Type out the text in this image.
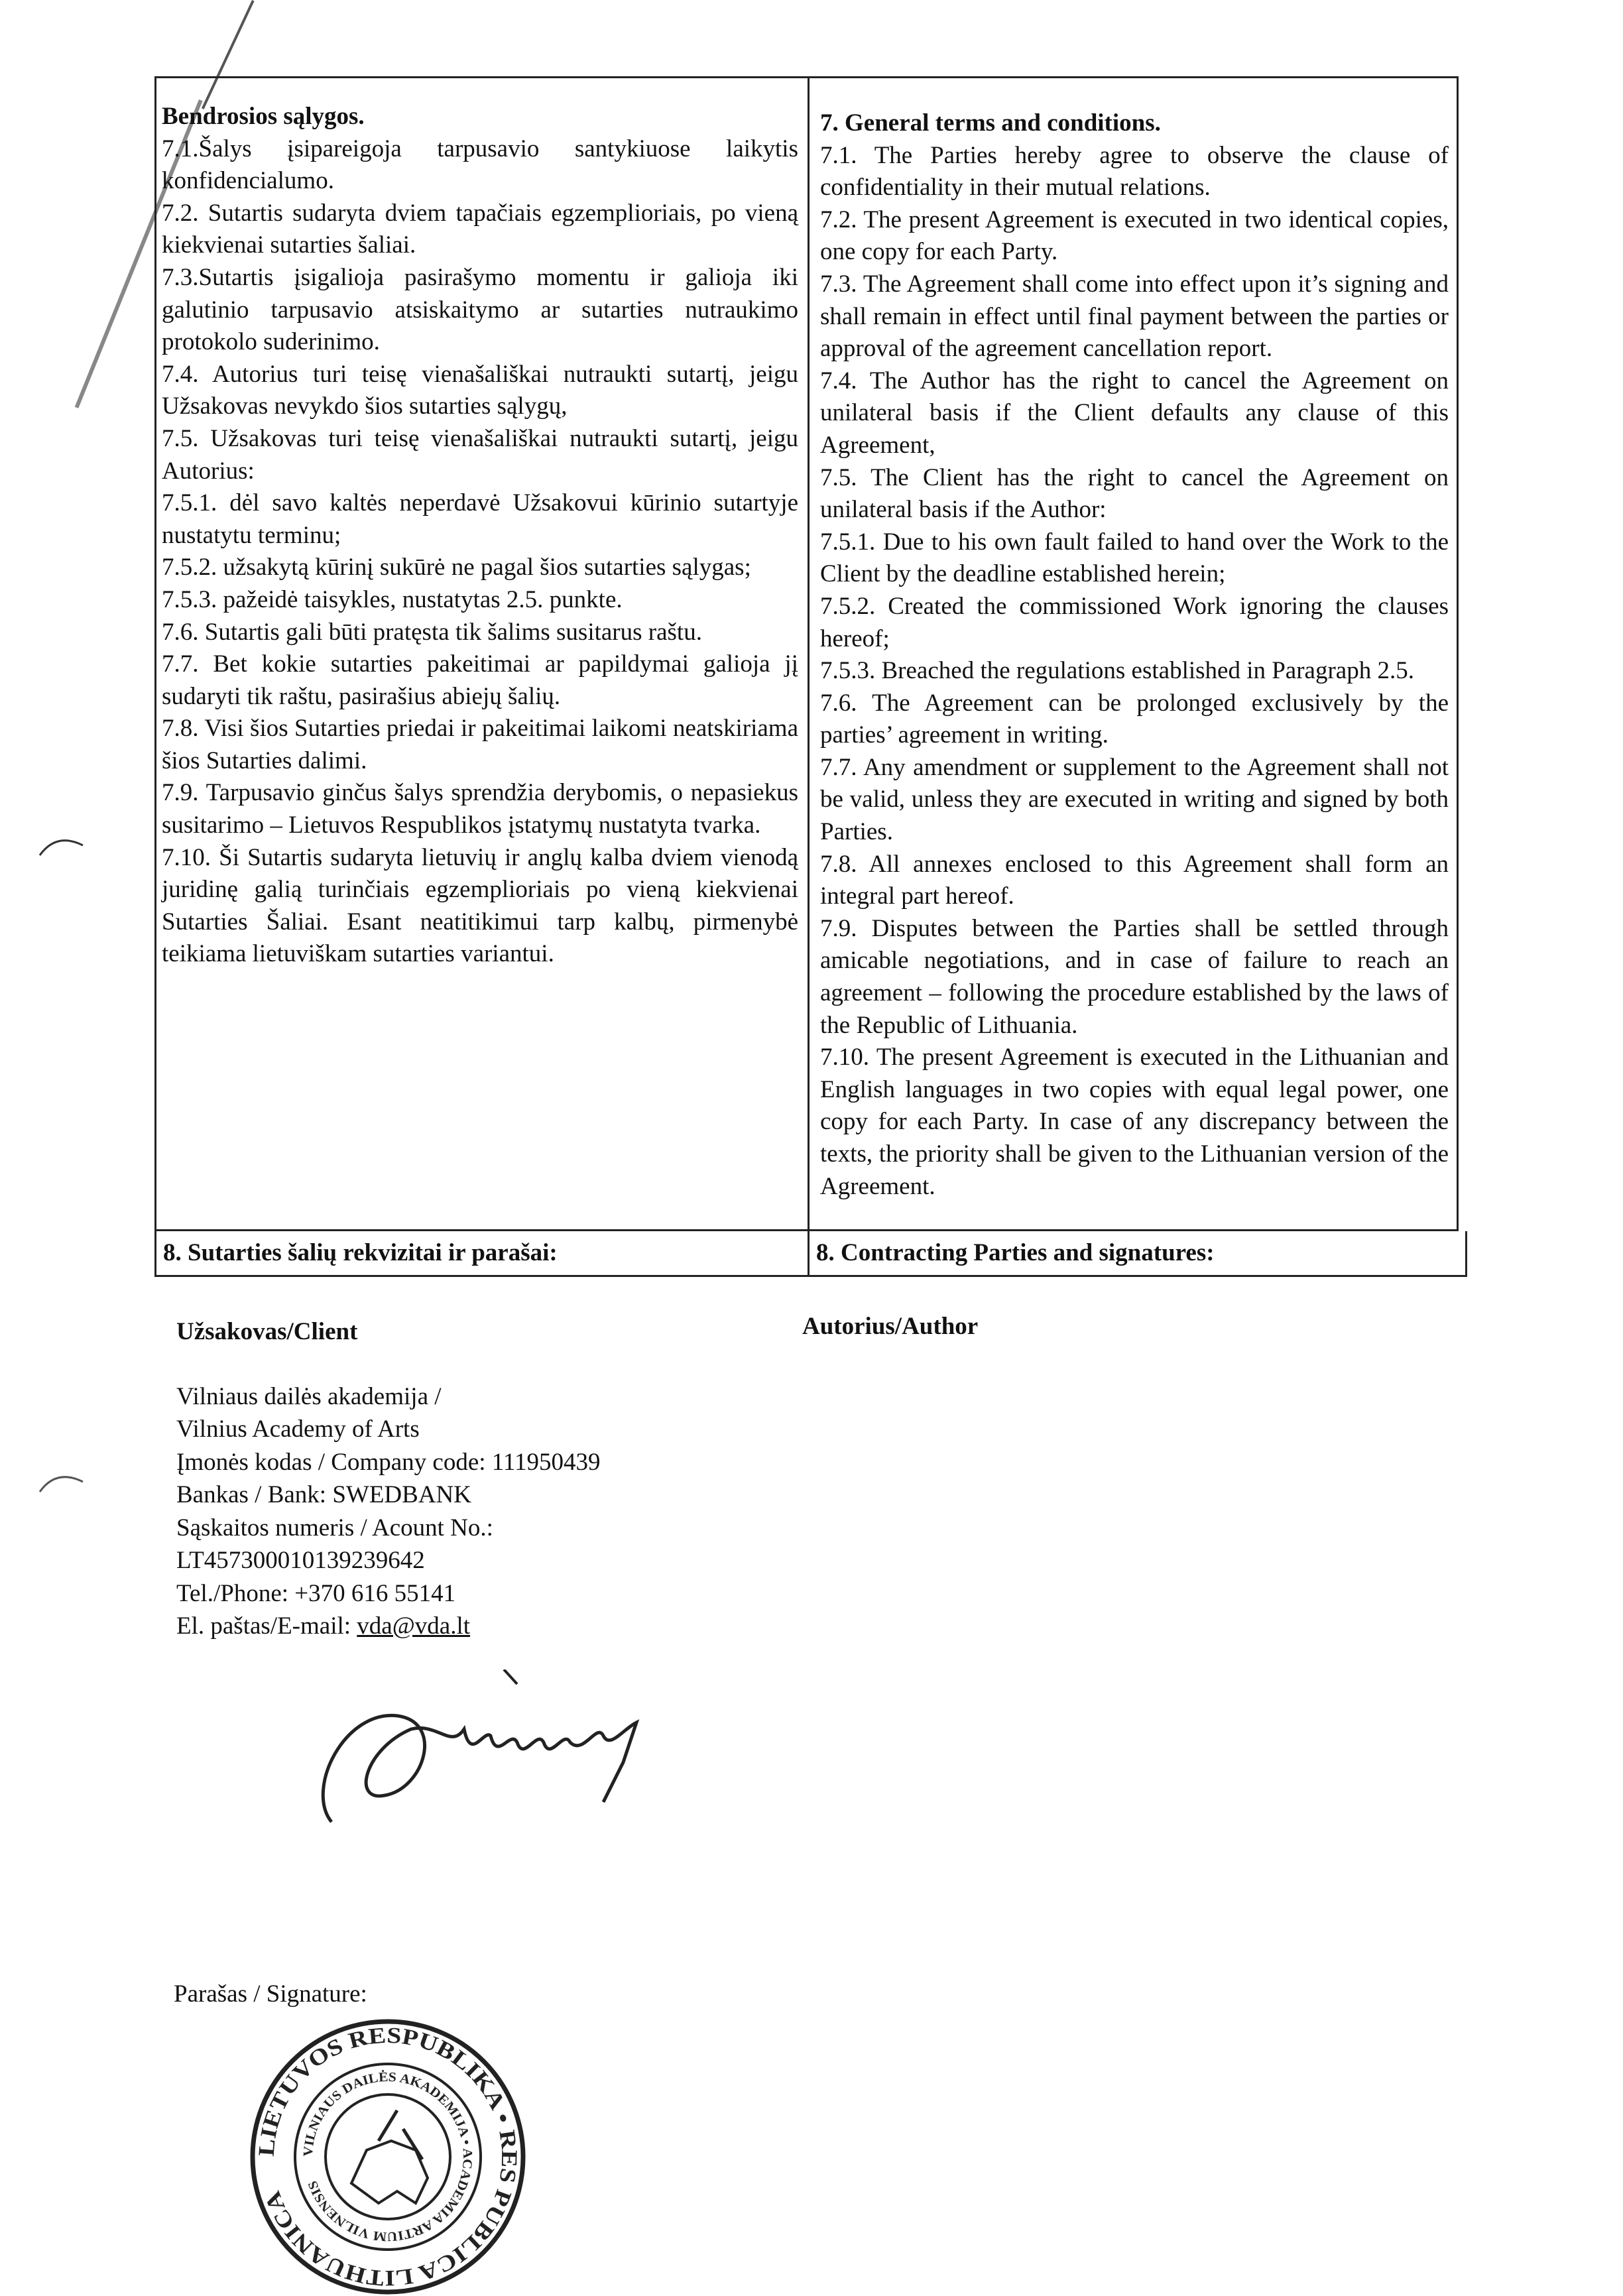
Bendrosios sąlygos.

7.1.Šalys įsipareigoja tarpusavio santykiuose laikytis konfidencialumo.

7.2. Sutartis sudaryta dviem tapačiais egzemplioriais, po vieną kiekvienai sutarties šaliai.

7.3.Sutartis įsigalioja pasirašymo momentu ir galioja iki galutinio tarpusavio atsiskaitymo ar sutarties nutraukimo protokolo suderinimo.

7.4. Autorius turi teisę vienašališkai nutraukti sutartį, jeigu Užsakovas nevykdo šios sutarties sąlygų,

7.5. Užsakovas turi teisę vienašališkai nutraukti sutartį, jeigu Autorius:

7.5.1. dėl savo kaltės neperdavė Užsakovui kūrinio sutartyje nustatytu terminu;

7.5.2. užsakytą kūrinį sukūrė ne pagal šios sutarties sąlygas;

7.5.3. pažeidė taisykles, nustatytas 2.5. punkte.

7.6. Sutartis gali būti pratęsta tik šalims susitarus raštu.

7.7. Bet kokie sutarties pakeitimai ar papildymai galioja jį sudaryti tik raštu, pasirašius abiejų šalių.

7.8. Visi šios Sutarties priedai ir pakeitimai laikomi neatskiriama šios Sutarties dalimi.

7.9. Tarpusavio ginčus šalys sprendžia derybomis, o nepasiekus susitarimo – Lietuvos Respublikos įstatymų nustatyta tvarka.

7.10. Ši Sutartis sudaryta lietuvių ir anglų kalba dviem vienodą juridinę galią turinčiais egzemplioriais po vieną kiekvienai Sutarties Šaliai. Esant neatitikimui tarp kalbų, pirmenybė teikiama lietuviškam sutarties variantui.

7. General terms and conditions.

7.1. The Parties hereby agree to observe the clause of confidentiality in their mutual relations.

7.2. The present Agreement is executed in two identical copies, one copy for each Party.

7.3. The Agreement shall come into effect upon it’s signing and shall remain in effect until final payment between the parties or approval of the agreement cancellation report.

7.4. The Author has the right to cancel the Agreement on unilateral basis if the Client defaults any clause of this Agreement,

7.5. The Client has the right to cancel the Agreement on unilateral basis if the Author:

7.5.1. Due to his own fault failed to hand over the Work to the Client by the deadline established herein;

7.5.2. Created the commissioned Work ignoring the clauses hereof;

7.5.3. Breached the regulations established in Paragraph 2.5.

7.6. The Agreement can be prolonged exclusively by the parties’ agreement in writing.

7.7. Any amendment or supplement to the Agreement shall not be valid, unless they are executed in writing and signed by both Parties.

7.8. All annexes enclosed to this Agreement shall form an integral part hereof.

7.9. Disputes between the Parties shall be settled through amicable negotiations, and in case of failure to reach an agreement – following the procedure established by the laws of the Republic of Lithuania.

7.10. The present Agreement is executed in the Lithuanian and English languages in two copies with equal legal power, one copy for each Party. In case of any discrepancy between the texts, the priority shall be given to the Lithuanian version of the Agreement.

8. Sutarties šalių rekvizitai ir parašai:	8. Contracting Parties and signatures:

Užsakovas/Client

Vilniaus dailės akademija /

Vilnius Academy of Arts

Įmonės kodas / Company code: 111950439

Bankas / Bank: SWEDBANK

Sąskaitos numeris / Acount No.:

LT457300010139239642

Tel./Phone: +370 616 55141

El. paštas/E-mail: vda@vda.lt

Autorius/Author

Parašas / Signature:
LIETUVOS RESPUBLIKA • RES PUBLICA LITHUANICA
VILNIAUS DAILĖS AKADEMIJA • ACADEMIA ARTIUM VILNENSIS
